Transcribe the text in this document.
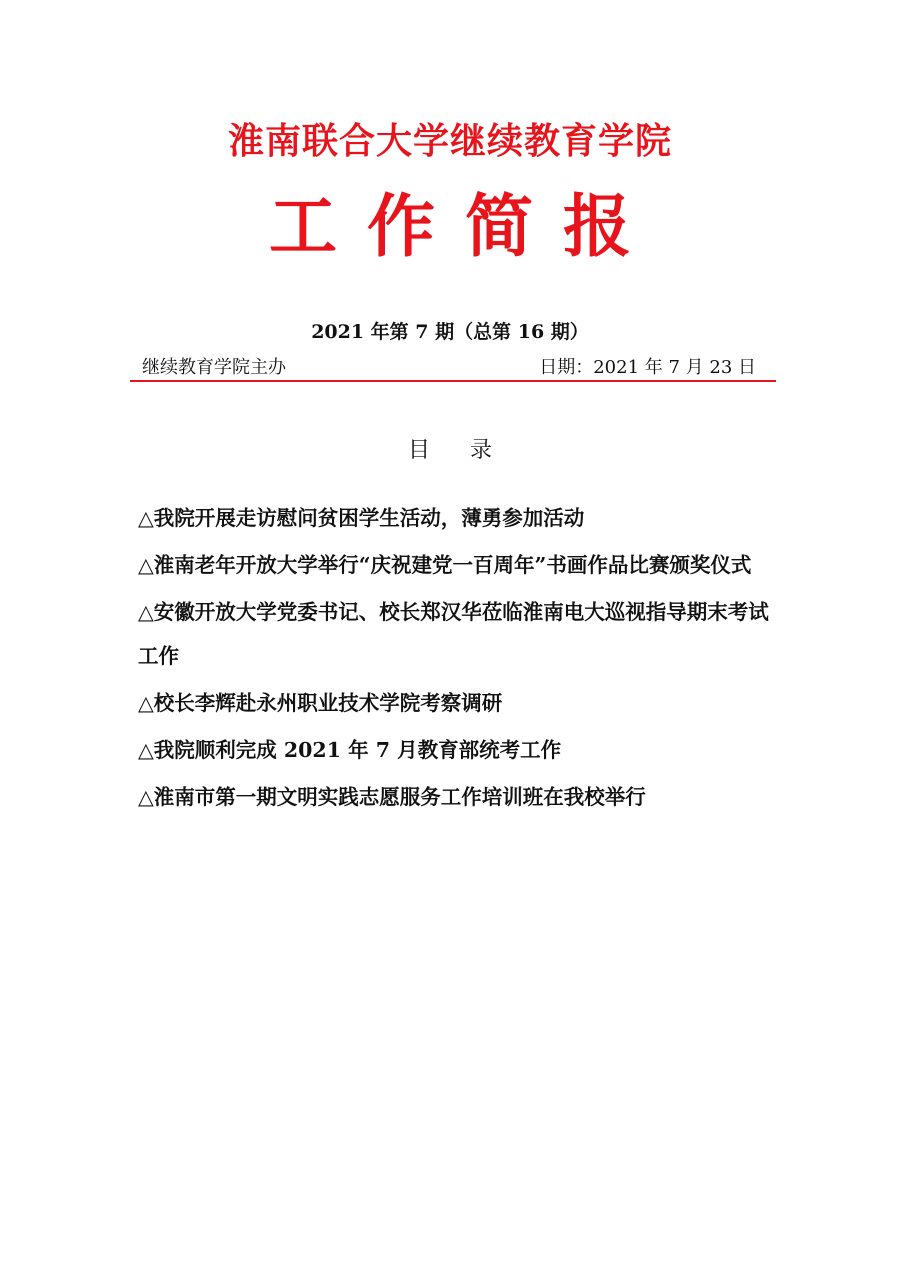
淮南联合大学继续教育学院
工作简报
2021 年第 7 期（总第 16 期）
继续教育学院主办	日期：2021 年 7 月 23 日
目录
△我院开展走访慰问贫困学生活动，薄勇参加活动
△淮南老年开放大学举行“庆祝建党一百周年”书画作品比赛颁奖仪式
△安徽开放大学党委书记、校长郑汉华莅临淮南电大巡视指导期末考试工作
△校长李辉赴永州职业技术学院考察调研
△我院顺利完成 2021 年 7 月教育部统考工作
△淮南市第一期文明实践志愿服务工作培训班在我校举行
